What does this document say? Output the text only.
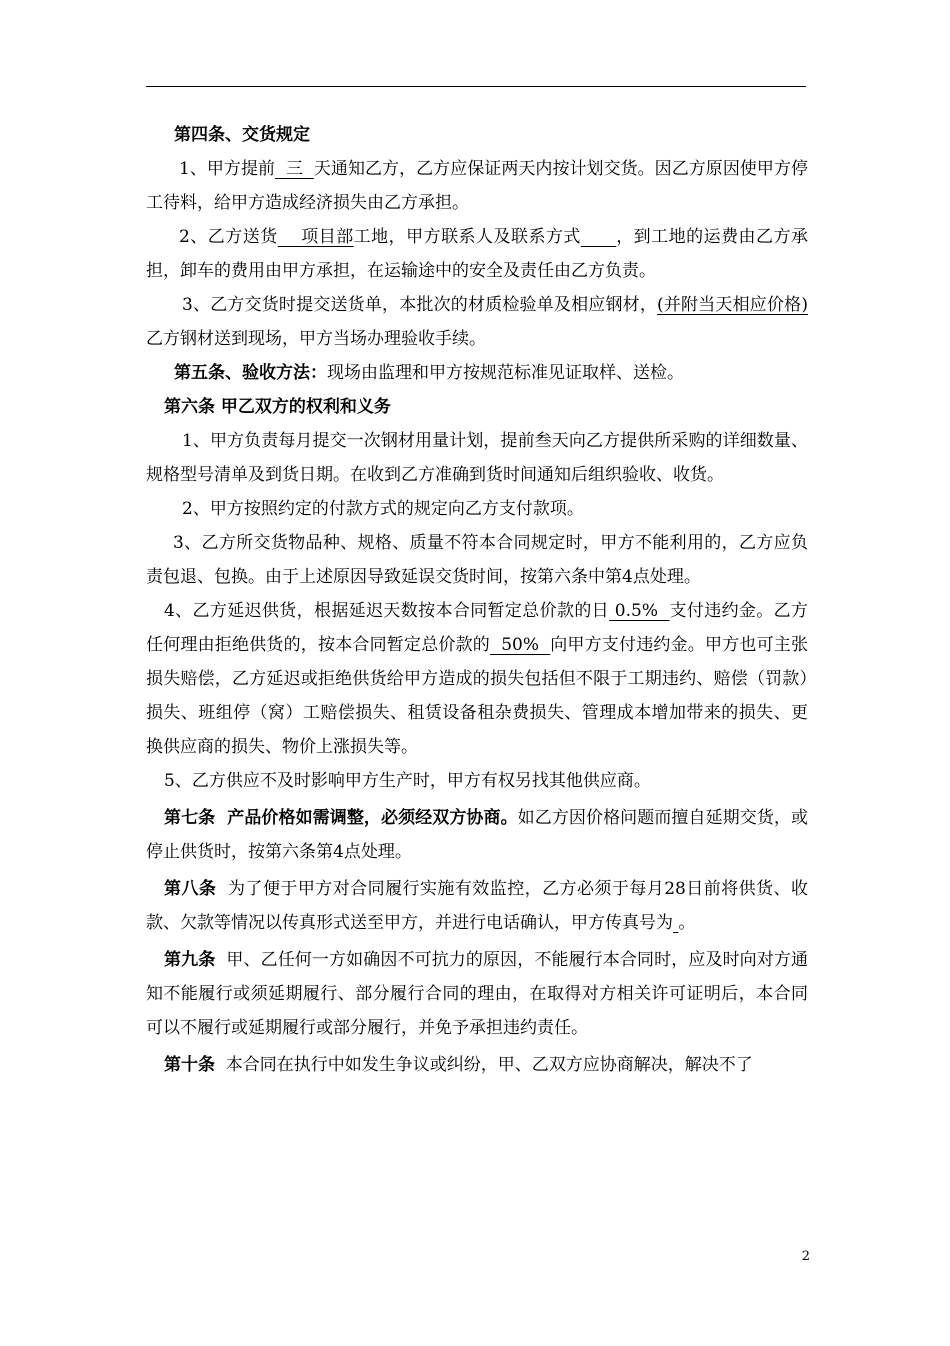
第四条、交货规定

1、甲方提前  三  天通知乙方，乙方应保证两天内按计划交货。因乙方原因使甲方停工待料，给甲方造成经济损失由乙方承担。

2、乙方送货    项目部工地，甲方联系人及联系方式 ，到工地的运费由乙方承担，卸车的费用由甲方承担，在运输途中的安全及责任由乙方负责。

3、乙方交货时提交送货单，本批次的材质检验单及相应钢材，(并附当天相应价格)乙方钢材送到现场，甲方当场办理验收手续。

第五条、验收方法：现场由监理和甲方按规范标准见证取样、送检。

第六条 甲乙双方的权利和义务

1、甲方负责每月提交一次钢材用量计划，提前叁天向乙方提供所采购的详细数量、规格型号清单及到货日期。在收到乙方准确到货时间通知后组织验收、收货。

2、甲方按照约定的付款方式的规定向乙方支付款项。

3、乙方所交货物品种、规格、质量不符本合同规定时，甲方不能利用的，乙方应负责包退、包换。由于上述原因导致延误交货时间，按第六条中第4点处理。

4、乙方延迟供货，根据延迟天数按本合同暂定总价款的日 0.5%  支付违约金。乙方任何理由拒绝供货的，按本合同暂定总价款的  50%  向甲方支付违约金。甲方也可主张损失赔偿，乙方延迟或拒绝供货给甲方造成的损失包括但不限于工期违约、赔偿（罚款）损失、班组停（窝）工赔偿损失、租赁设备租杂费损失、管理成本增加带来的损失、更换供应商的损失、物价上涨损失等。

5、乙方供应不及时影响甲方生产时，甲方有权另找其他供应商。

第七条  产品价格如需调整，必须经双方协商。如乙方因价格问题而擅自延期交货，或停止供货时，按第六条第4点处理。

第八条  为了便于甲方对合同履行实施有效监控，乙方必须于每月28日前将供货、收款、欠款等情况以传真形式送至甲方，并进行电话确认，甲方传真号为 。

第九条  甲、乙任何一方如确因不可抗力的原因，不能履行本合同时，应及时向对方通知不能履行或须延期履行、部分履行合同的理由，在取得对方相关许可证明后，本合同可以不履行或延期履行或部分履行，并免予承担违约责任。

第十条  本合同在执行中如发生争议或纠纷，甲、乙双方应协商解决，解决不了

2
